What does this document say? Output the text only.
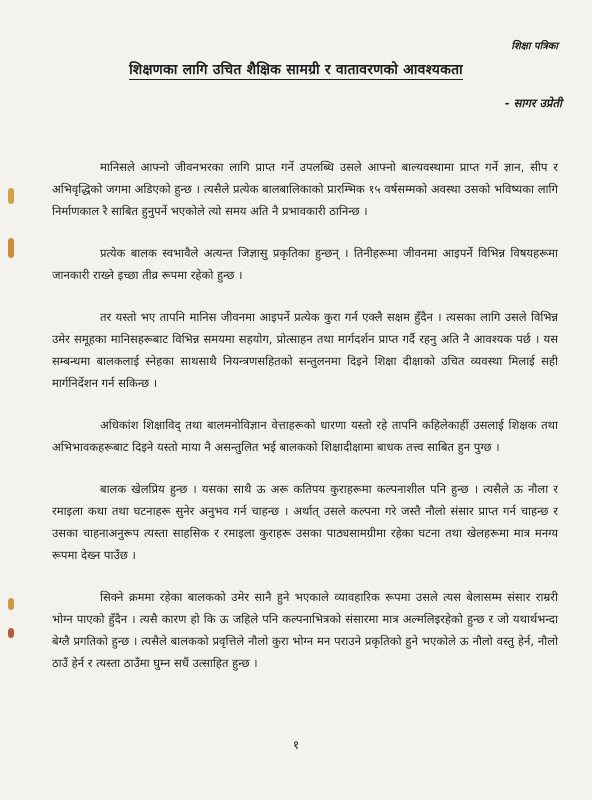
शिक्षा पत्रिका
शिक्षणका लागि उचित शैक्षिक सामग्री र वातावरणको आवश्यकता
- सागर उप्रेती

मानिसले आफ्नो जीवनभरका लागि प्राप्त गर्ने उपलब्धि उसले आफ्नो बाल्यवस्थामा प्राप्त गर्ने ज्ञान, सीप र अभिवृद्धिको जगमा अडिएको हुन्छ । त्यसैले प्रत्येक बालबालिकाको प्रारम्भिक १५ वर्षसम्मको अवस्था उसको भविष्यका लागि निर्माणकाल रै साबित हुनुपर्ने भएकोले त्यो समय अति नै प्रभावकारी ठानिन्छ ।

प्रत्येक बालक स्वभावैले अत्यन्त जिज्ञासु प्रकृतिका हुन्छन् । तिनीहरूमा जीवनमा आइपर्ने विभिन्न विषयहरूमा जानकारी राख्ने इच्छा तीव्र रूपमा रहेको हुन्छ ।

तर यस्तो भए तापनि मानिस जीवनमा आइपर्ने प्रत्येक कुरा गर्न एक्लै सक्षम हुँदैन । त्यसका लागि उसले विभिन्न उमेर समूहका मानिसहरूबाट विभिन्न समयमा सहयोग, प्रोत्साहन तथा मार्गदर्शन प्राप्त गर्दै रहनु अति नै आवश्यक पर्छ । यस सम्बन्धमा बालकलाई स्नेहका साथसाथै नियन्त्रणसहितको सन्तुलनमा दिइने शिक्षा दीक्षाको उचित व्यवस्था मिलाई सही मार्गनिर्देशन गर्न सकिन्छ ।

अधिकांश शिक्षाविद् तथा बालमनोविज्ञान वेत्ताहरूको धारणा यस्तो रहे तापनि कहिलेकाहीं उसलाई शिक्षक तथा अभिभावकहरूबाट दिइने यस्तो माया नै असन्तुलित भई बालकको शिक्षादीक्षामा बाधक तत्त्व साबित हुन पुग्छ ।

बालक खेलप्रिय हुन्छ । यसका साथै ऊ अरू कतिपय कुराहरूमा कल्पनाशील पनि हुन्छ । त्यसैले ऊ नौला र रमाइला कथा तथा घटनाहरू सुनेर अनुभव गर्न चाहन्छ । अर्थात् उसले कल्पना गरे जस्तै नौलो संसार प्राप्त गर्न चाहन्छ र उसका चाहनाअनुरूप त्यस्ता साहसिक र रमाइला कुराहरू उसका पाठ्यसामग्रीमा रहेका घटना तथा खेलहरूमा मात्र मनग्य रूपमा देख्न पाउँछ ।

सिक्ने क्रममा रहेका बालकको उमेर सानै हुने भएकाले व्यावहारिक रूपमा उसले त्यस बेलासम्म संसार राम्ररी भोग्न पाएको हुँदैन । त्यसै कारण हो कि ऊ जहिले पनि कल्पनाभित्रको संसारमा मात्र अल्मलिइरहेको हुन्छ र जो यथार्थभन्दा बेग्लै प्रगतिको हुन्छ । त्यसैले बालकको प्रवृत्तिले नौलो कुरा भोग्न मन पराउने प्रकृतिको हुने भएकोले ऊ नौलो वस्तु हेर्न, नौलो ठाउँ हेर्न र त्यस्ता ठाउँमा घुम्न सधैं उत्साहित हुन्छ ।

१
